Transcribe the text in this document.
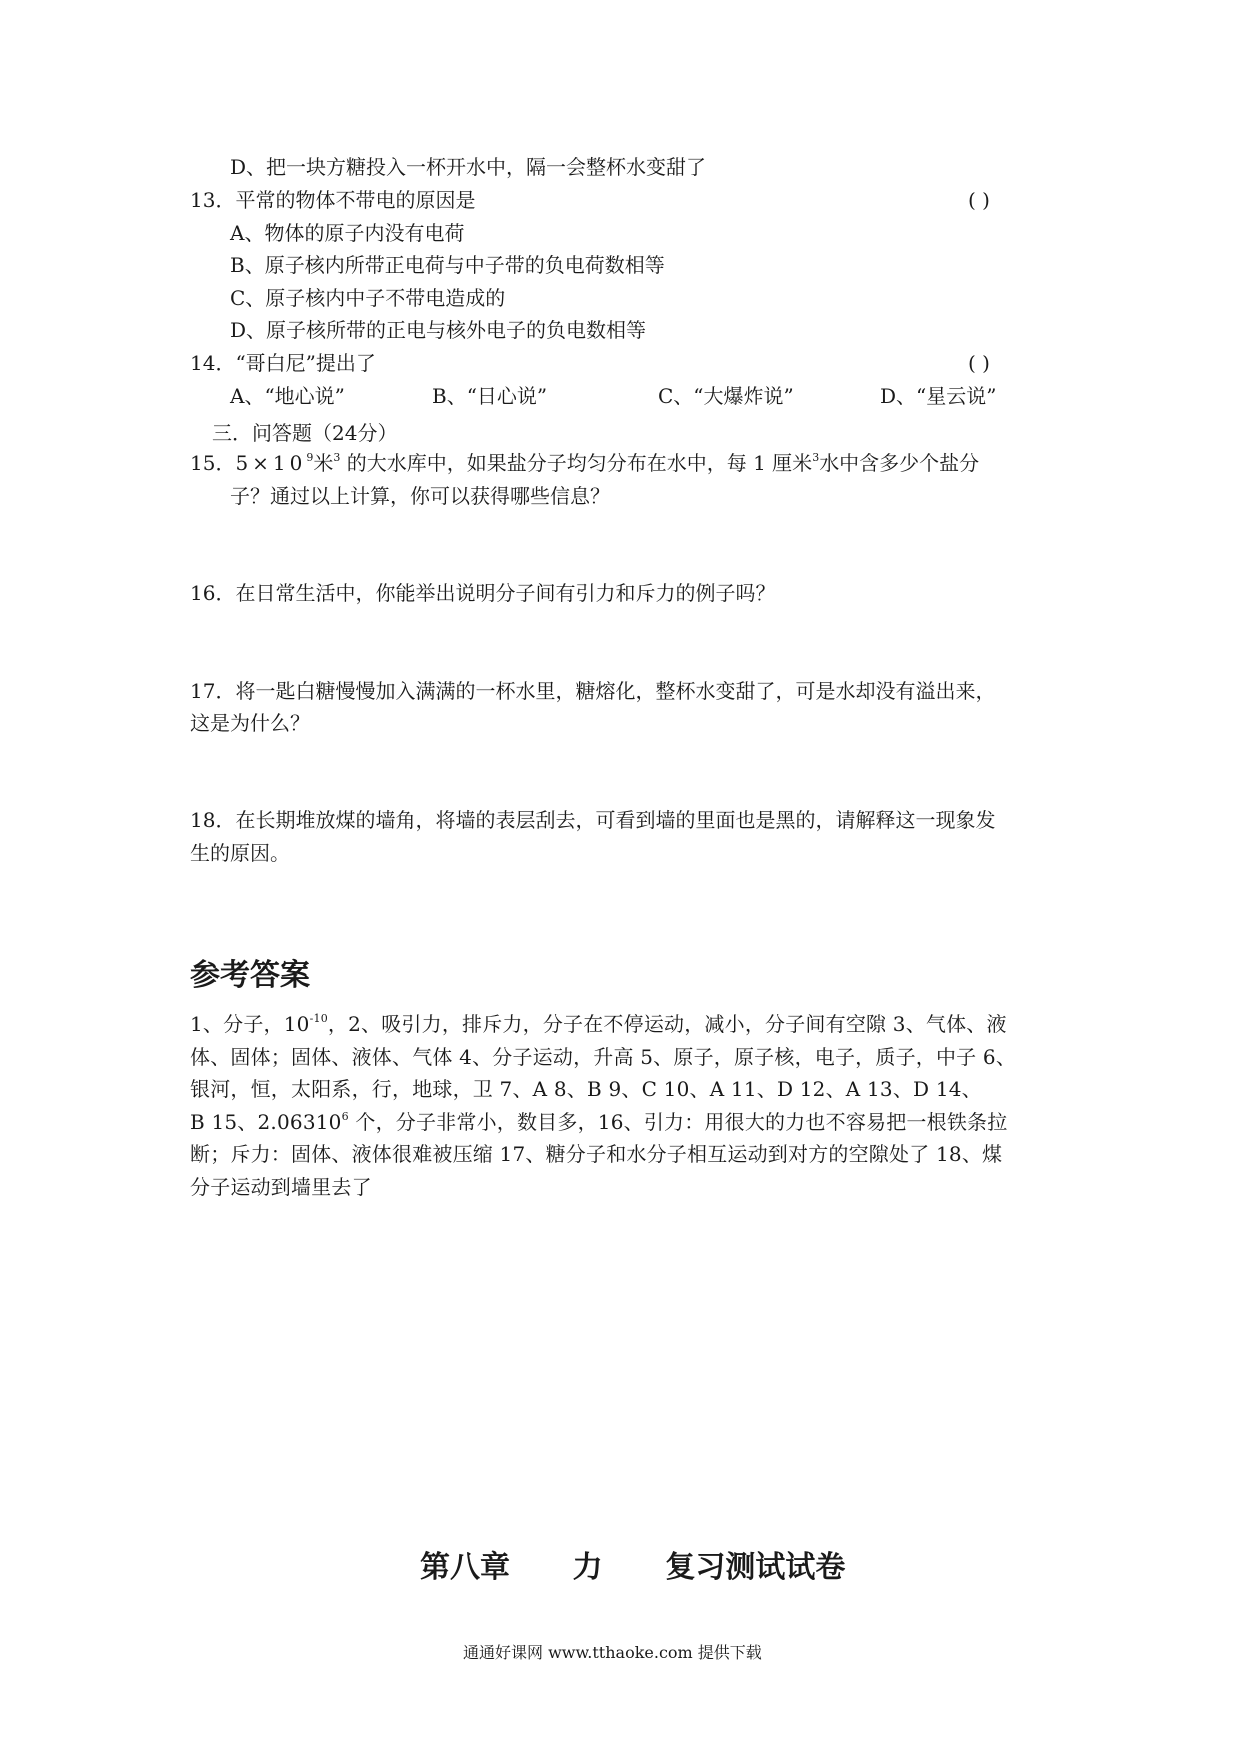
D、把一块方糖投入一杯开水中，隔一会整杯水变甜了
13．平常的物体不带电的原因是	( )
A、物体的原子内没有电荷
B、原子核内所带正电荷与中子带的负电荷数相等
C、原子核内中子不带电造成的
D、原子核所带的正电与核外电子的负电数相等
14．“哥白尼”提出了	( )
A、“地心说”	B、“日心说”	C、“大爆炸说”	D、“星云说”
三．问答题（24分）
15．$5\times 10^9$米$^3$ 的大水库中，如果盐分子均匀分布在水中，每 1 厘米$^3$水中含多少个盐分
子？通过以上计算，你可以获得哪些信息？
16．在日常生活中，你能举出说明分子间有引力和斥力的例子吗？
17．将一匙白糖慢慢加入满满的一杯水里，糖熔化，整杯水变甜了，可是水却没有溢出来，
这是为什么？
18．在长期堆放煤的墙角，将墙的表层刮去，可看到墙的里面也是黑的，请解释这一现象发
生的原因。
参考答案
1、分子，$10^{-10}$，2、吸引力，排斥力，分子在不停运动，减小，分子间有空隙 3、气体、液
体、固体；固体、液体、气体 4、分子运动，升高 5、原子，原子核，电子，质子，中子 6、
银河，恒，太阳系，行，地球，卫 7、A 8、B 9、C 10、A 11、D 12、A 13、D 14、
B 15、2.06310$^6$ 个，分子非常小，数目多，16、引力：用很大的力也不容易把一根铁条拉
断；斥力：固体、液体很难被压缩 17、糖分子和水分子相互运动到对方的空隙处了 18、煤
分子运动到墙里去了
第八章      力      复习测试试卷
通通好课网 www.tthaoke.com 提供下载
